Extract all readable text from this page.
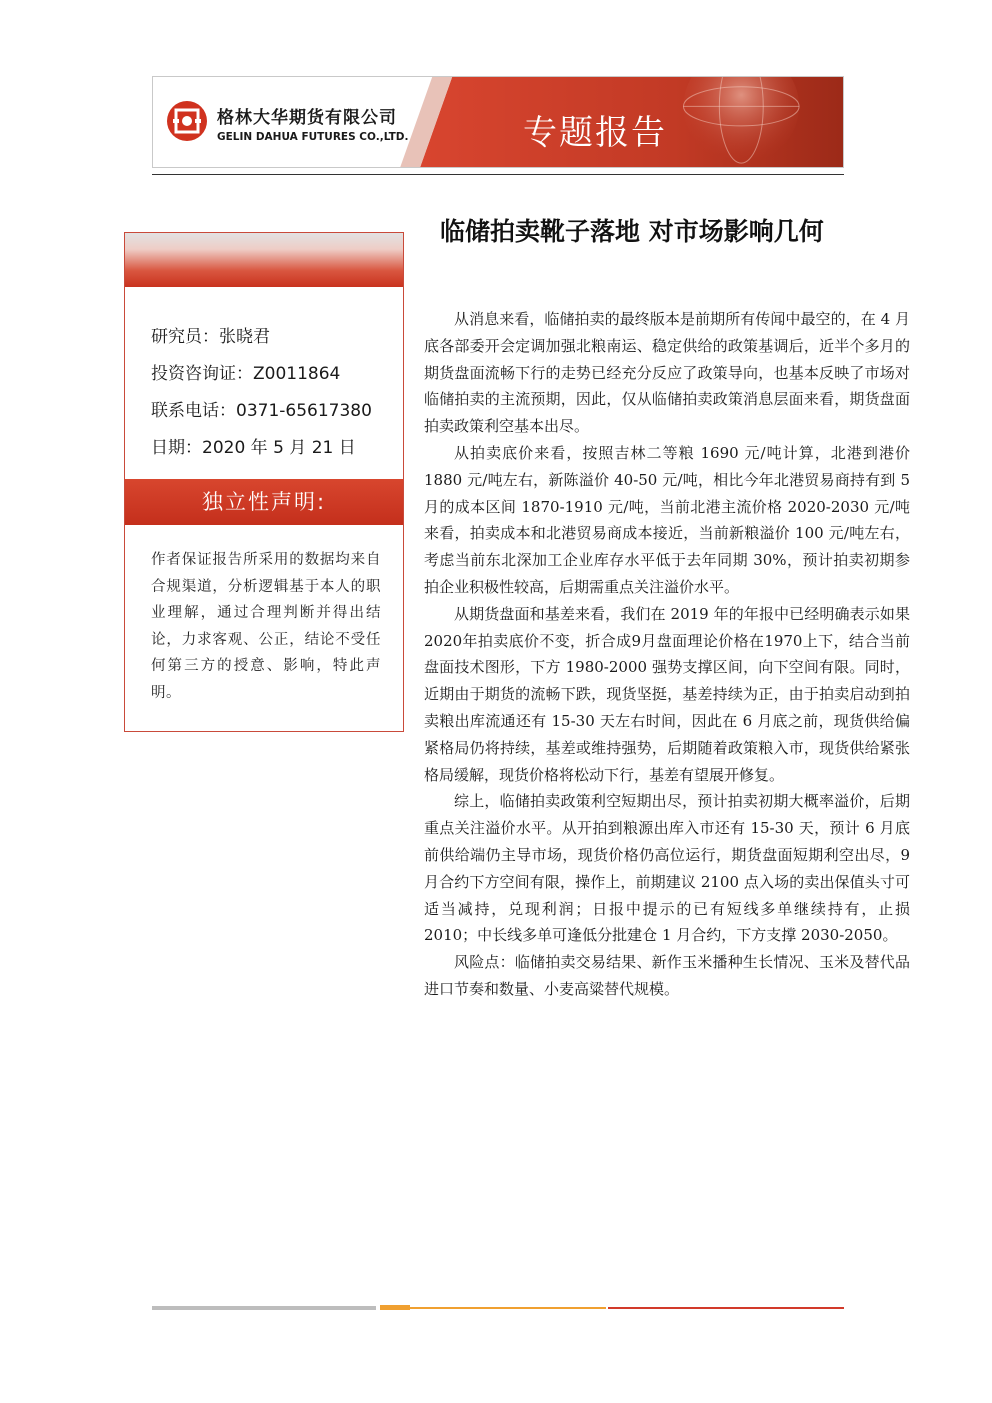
格林大华期货有限公司
GELIN DAHUA FUTURES CO.,LTD.	专题报告
临储拍卖靴子落地 对市场影响几何
研究员：张晓君
投资咨询证：Z0011864
联系电话：0371-65617380
日期：2020 年 5 月 21 日
独立性声明:
作者保证报告所采用的数据均来自合规渠道，分析逻辑基于本人的职业理解，通过合理判断并得出结论，力求客观、公正，结论不受任何第三方的授意、影响，特此声明。

从消息来看，临储拍卖的最终版本是前期所有传闻中最空的，在 4 月底各部委开会定调加强北粮南运、稳定供给的政策基调后，近半个多月的期货盘面流畅下行的走势已经充分反应了政策导向，也基本反映了市场对临储拍卖的主流预期，因此，仅从临储拍卖政策消息层面来看，期货盘面拍卖政策利空基本出尽。

从拍卖底价来看，按照吉林二等粮 1690 元/吨计算，北港到港价 1880 元/吨左右，新陈溢价 40-50 元/吨，相比今年北港贸易商持有到 5 月的成本区间 1870-1910 元/吨，当前北港主流价格 2020-2030 元/吨来看，拍卖成本和北港贸易商成本接近，当前新粮溢价 100 元/吨左右，考虑当前东北深加工企业库存水平低于去年同期 30%，预计拍卖初期参拍企业积极性较高，后期需重点关注溢价水平。

从期货盘面和基差来看，我们在 2019 年的年报中已经明确表示如果2020年拍卖底价不变，折合成9月盘面理论价格在1970上下，结合当前盘面技术图形，下方 1980-2000 强势支撑区间，向下空间有限。同时，近期由于期货的流畅下跌，现货坚挺，基差持续为正，由于拍卖启动到拍卖粮出库流通还有 15-30 天左右时间，因此在 6 月底之前，现货供给偏紧格局仍将持续，基差或维持强势，后期随着政策粮入市，现货供给紧张格局缓解，现货价格将松动下行，基差有望展开修复。

综上，临储拍卖政策利空短期出尽，预计拍卖初期大概率溢价，后期重点关注溢价水平。从开拍到粮源出库入市还有 15-30 天，预计 6 月底前供给端仍主导市场，现货价格仍高位运行，期货盘面短期利空出尽，9 月合约下方空间有限，操作上，前期建议 2100 点入场的卖出保值头寸可适当减持，兑现利润；日报中提示的已有短线多单继续持有，止损 2010；中长线多单可逢低分批建仓 1 月合约，下方支撑 2030-2050。

风险点：临储拍卖交易结果、新作玉米播种生长情况、玉米及替代品进口节奏和数量、小麦高粱替代规模。
